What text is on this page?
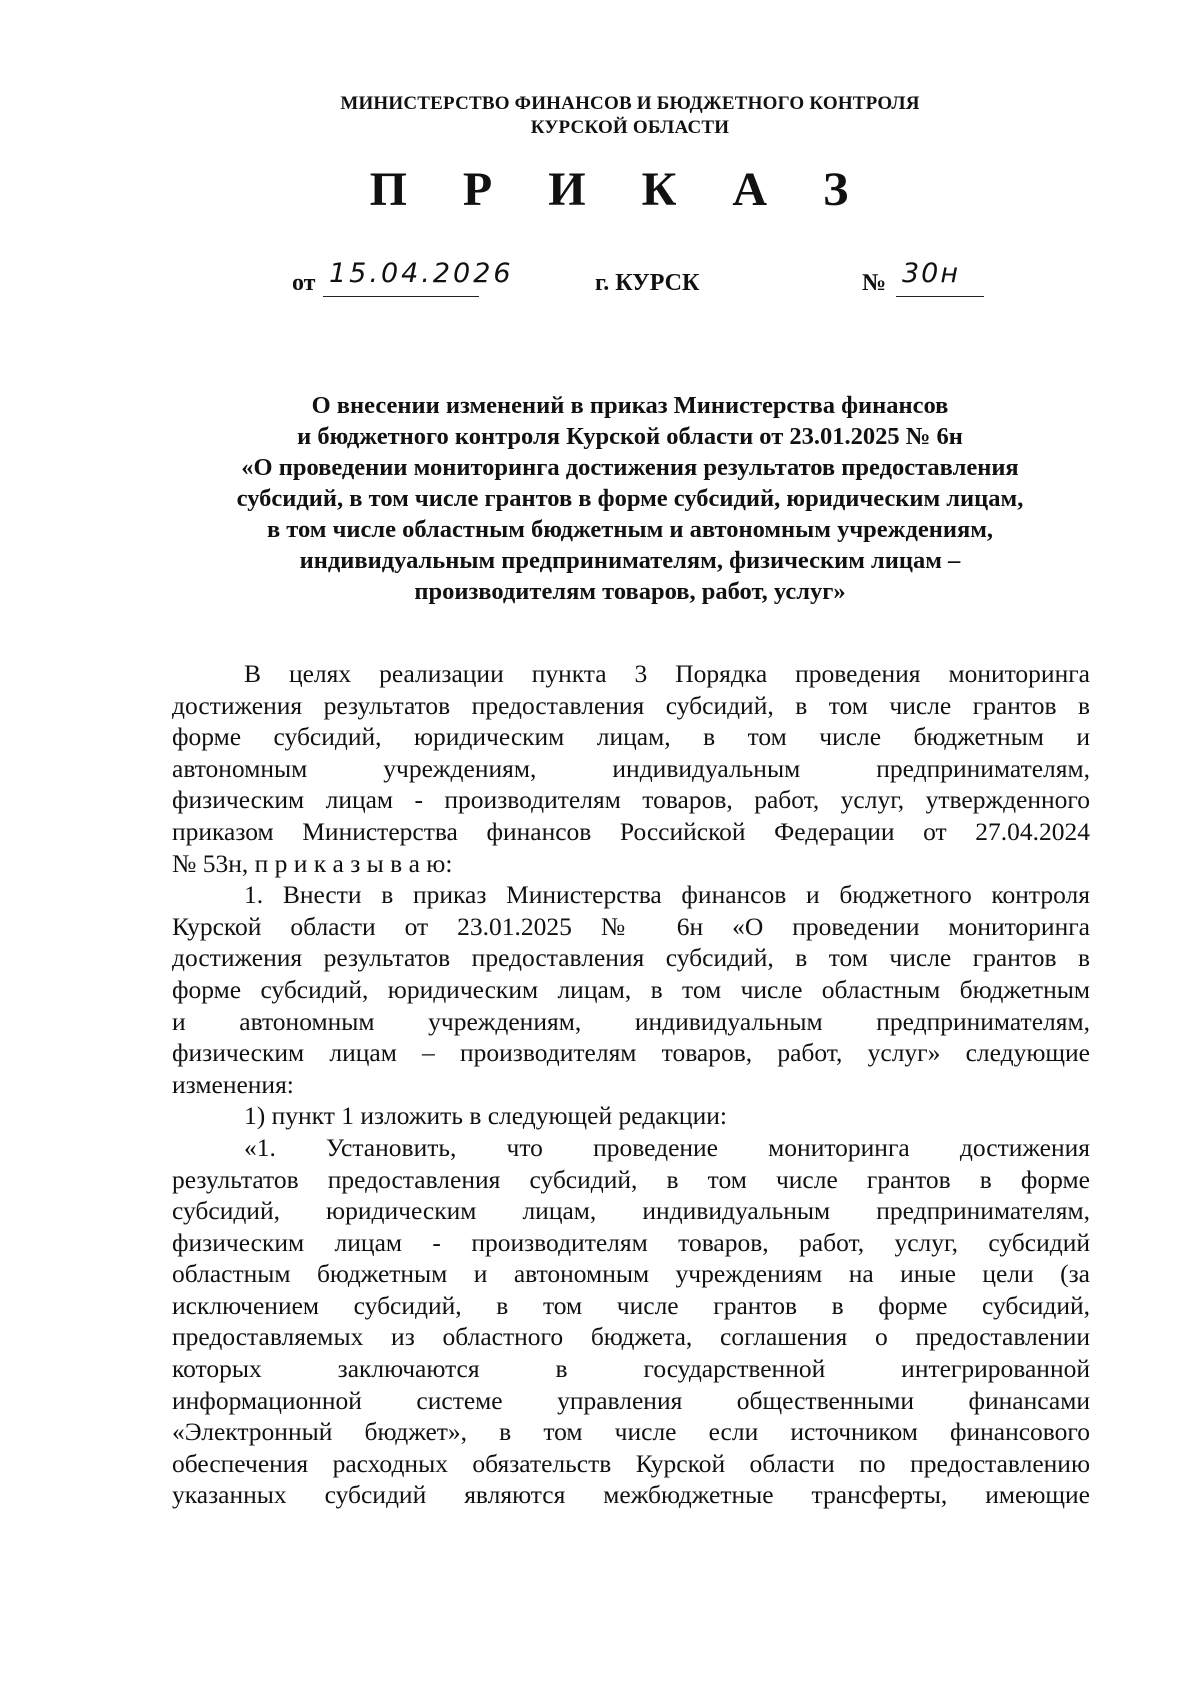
МИНИСТЕРСТВО ФИНАНСОВ И БЮДЖЕТНОГО КОНТРОЛЯ
КУРСКОЙ ОБЛАСТИ
П Р И К А З
от 15.04.2026	г. КУРСК	№ 30н
О внесении изменений в приказ Министерства финансов
и бюджетного контроля Курской области от 23.01.2025 № 6н
«О проведении мониторинга достижения результатов предоставления
субсидий, в том числе грантов в форме субсидий, юридическим лицам,
в том числе областным бюджетным и автономным учреждениям,
индивидуальным предпринимателям, физическим лицам –
производителям товаров, работ, услуг»
В целях реализации пункта 3 Порядка проведения мониторинга
достижения результатов предоставления субсидий, в том числе грантов в
форме субсидий, юридическим лицам, в том числе бюджетным и
автономным учреждениям, индивидуальным предпринимателям,
физическим лицам - производителям товаров, работ, услуг, утвержденного
приказом Министерства финансов Российской Федерации от 27.04.2024
№ 53н, п р и к а з ы в а ю:
1. Внести в приказ Министерства финансов и бюджетного контроля
Курской области от 23.01.2025 № 6н «О проведении мониторинга
достижения результатов предоставления субсидий, в том числе грантов в
форме субсидий, юридическим лицам, в том числе областным бюджетным
и автономным учреждениям, индивидуальным предпринимателям,
физическим лицам – производителям товаров, работ, услуг» следующие
изменения:
1) пункт 1 изложить в следующей редакции:
«1. Установить, что проведение мониторинга достижения
результатов предоставления субсидий, в том числе грантов в форме
субсидий, юридическим лицам, индивидуальным предпринимателям,
физическим лицам - производителям товаров, работ, услуг, субсидий
областным бюджетным и автономным учреждениям на иные цели (за
исключением субсидий, в том числе грантов в форме субсидий,
предоставляемых из областного бюджета, соглашения о предоставлении
которых заключаются в государственной интегрированной
информационной системе управления общественными финансами
«Электронный бюджет», в том числе если источником финансового
обеспечения расходных обязательств Курской области по предоставлению
указанных субсидий являются межбюджетные трансферты, имеющие
